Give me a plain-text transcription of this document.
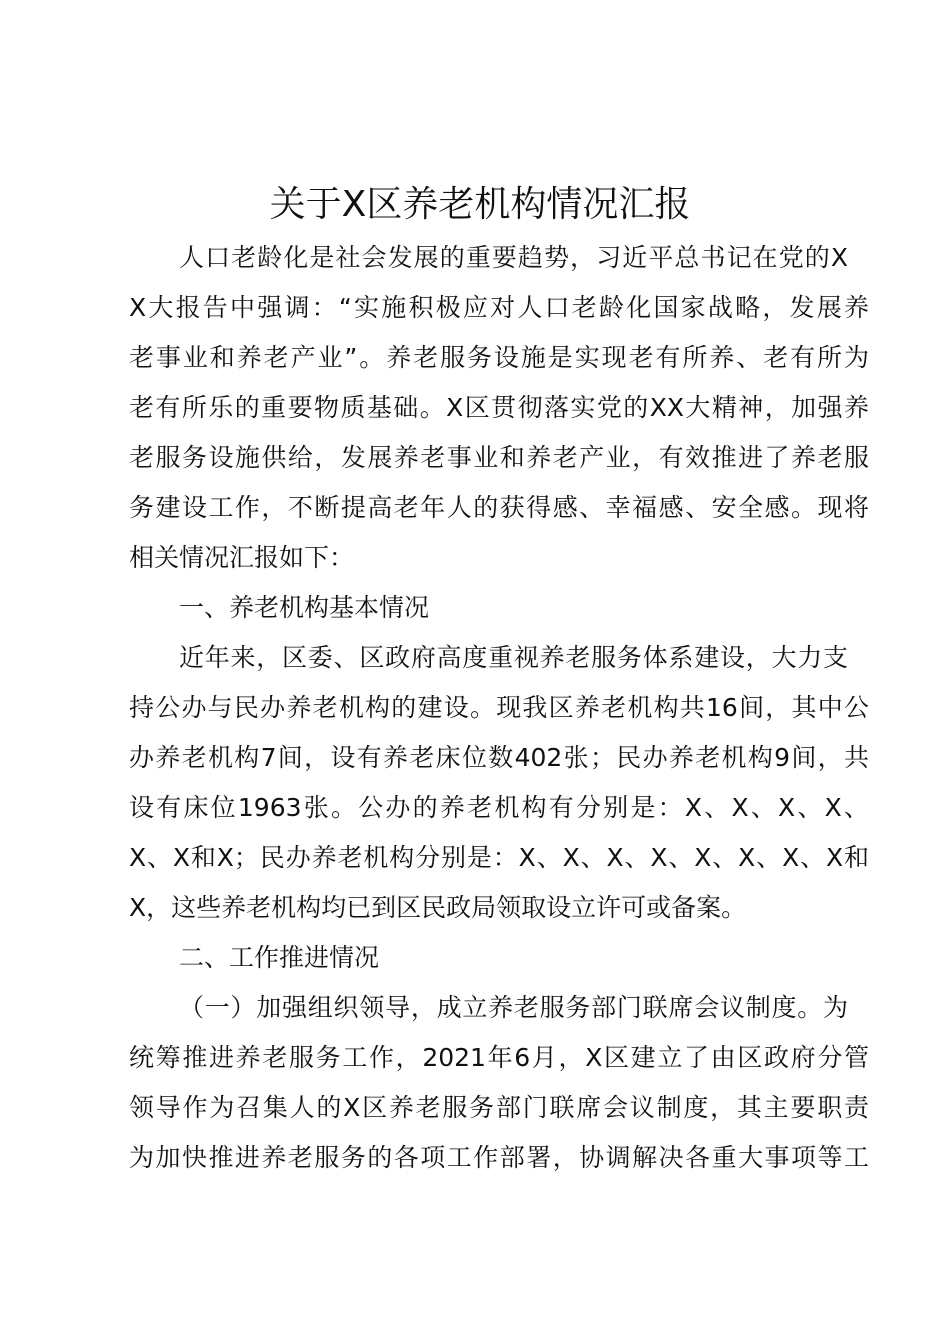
关于X区养老机构情况汇报
人口老龄化是社会发展的重要趋势，习近平总书记在党的X
X大报告中强调：“实施积极应对人口老龄化国家战略，发展养
老事业和养老产业”。养老服务设施是实现老有所养、老有所为
老有所乐的重要物质基础。X区贯彻落实党的XX大精神，加强养
老服务设施供给，发展养老事业和养老产业，有效推进了养老服
务建设工作，不断提高老年人的获得感、幸福感、安全感。现将
相关情况汇报如下：
一、养老机构基本情况
近年来，区委、区政府高度重视养老服务体系建设，大力支
持公办与民办养老机构的建设。现我区养老机构共16间，其中公
办养老机构7间，设有养老床位数402张；民办养老机构9间，共
设有床位1963张。公办的养老机构有分别是：X、X、X、X、
X、X和X；民办养老机构分别是：X、X、X、X、X、X、X、X和
X，这些养老机构均已到区民政局领取设立许可或备案。
二、工作推进情况
（一）加强组织领导，成立养老服务部门联席会议制度。为
统筹推进养老服务工作，2021年6月，X区建立了由区政府分管
领导作为召集人的X区养老服务部门联席会议制度，其主要职责
为加快推进养老服务的各项工作部署，协调解决各重大事项等工
